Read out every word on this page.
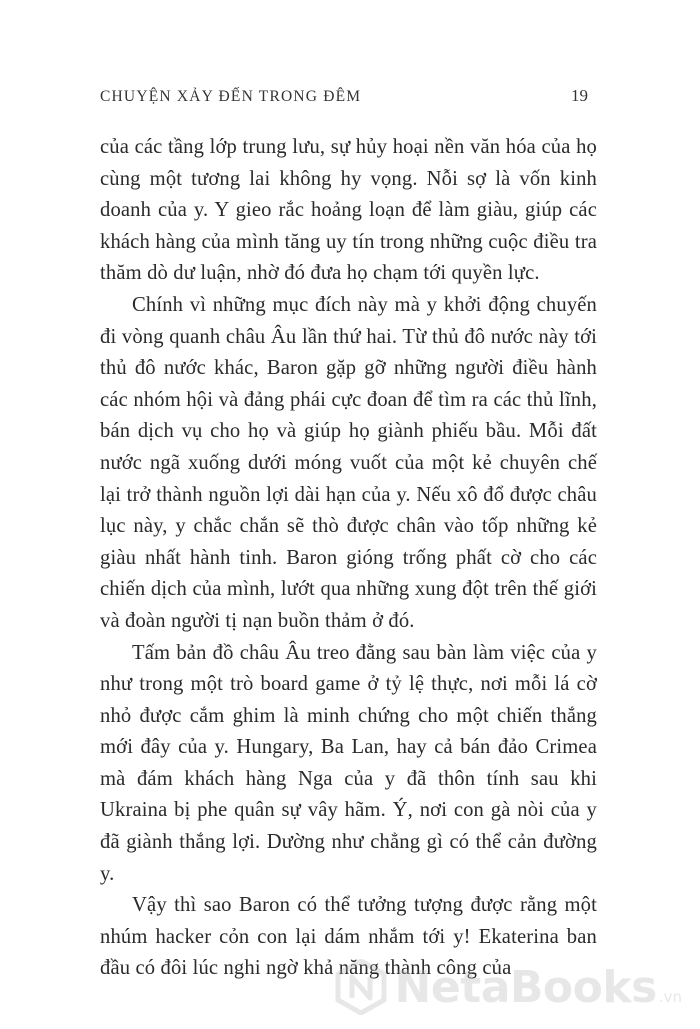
CHUYỆN XẢY ĐẾN TRONG ĐÊM	19

của các tầng lớp trung lưu, sự hủy hoại nền văn hóa của họ cùng một tương lai không hy vọng. Nỗi sợ là vốn kinh doanh của y. Y gieo rắc hoảng loạn để làm giàu, giúp các khách hàng của mình tăng uy tín trong những cuộc điều tra thăm dò dư luận, nhờ đó đưa họ chạm tới quyền lực.

Chính vì những mục đích này mà y khởi động chuyến đi vòng quanh châu Âu lần thứ hai. Từ thủ đô nước này tới thủ đô nước khác, Baron gặp gỡ những người điều hành các nhóm hội và đảng phái cực đoan để tìm ra các thủ lĩnh, bán dịch vụ cho họ và giúp họ giành phiếu bầu. Mỗi đất nước ngã xuống dưới móng vuốt của một kẻ chuyên chế lại trở thành nguồn lợi dài hạn của y. Nếu xô đổ được châu lục này, y chắc chắn sẽ thò được chân vào tốp những kẻ giàu nhất hành tinh. Baron gióng trống phất cờ cho các chiến dịch của mình, lướt qua những xung đột trên thế giới và đoàn người tị nạn buồn thảm ở đó.

Tấm bản đồ châu Âu treo đằng sau bàn làm việc của y như trong một trò board game ở tỷ lệ thực, nơi mỗi lá cờ nhỏ được cắm ghim là minh chứng cho một chiến thắng mới đây của y. Hungary, Ba Lan, hay cả bán đảo Crimea mà đám khách hàng Nga của y đã thôn tính sau khi Ukraina bị phe quân sự vây hãm. Ý, nơi con gà nòi của y đã giành thắng lợi. Dường như chẳng gì có thể cản đường y.

Vậy thì sao Baron có thể tưởng tượng được rằng một nhúm hacker cỏn con lại dám nhắm tới y! Ekaterina ban đầu có đôi lúc nghi ngờ khả năng thành công của

NetaBooks .vn
